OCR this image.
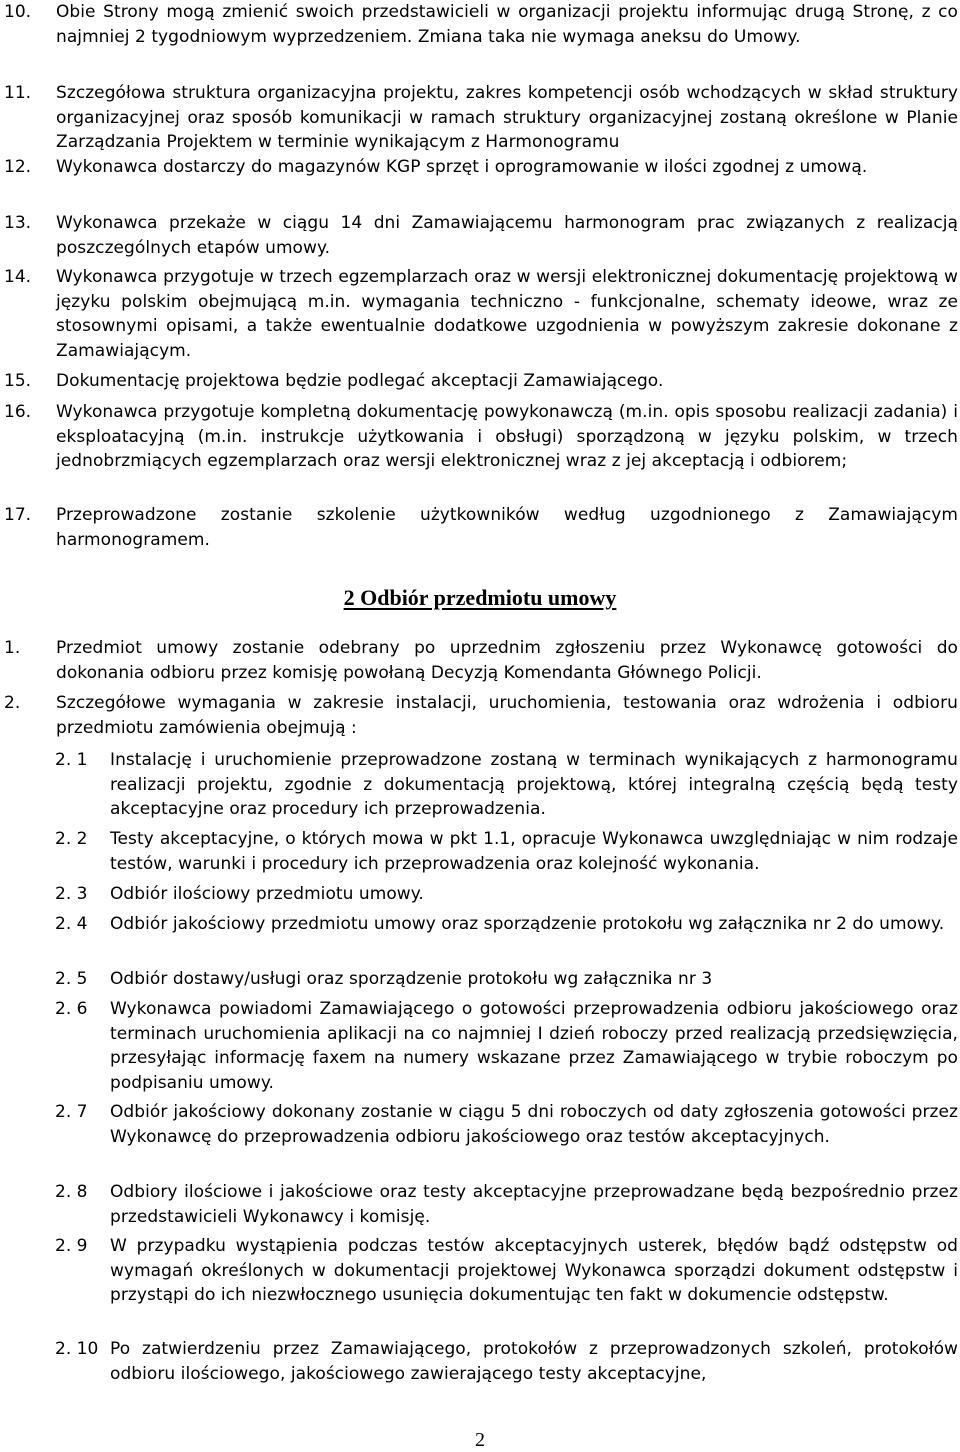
10. Obie Strony mogą zmienić swoich przedstawicieli w organizacji projektu informując drugą Stronę, z co najmniej 2 tygodniowym wyprzedzeniem. Zmiana taka nie wymaga aneksu do Umowy.
11. Szczegółowa struktura organizacyjna projektu, zakres kompetencji osób wchodzących w skład struktury organizacyjnej oraz sposób komunikacji w ramach struktury organizacyjnej zostaną określone w Planie Zarządzania Projektem w terminie wynikającym z Harmonogramu
12. Wykonawca dostarczy do magazynów KGP sprzęt i oprogramowanie w ilości zgodnej z umową.
13. Wykonawca przekaże w ciągu 14 dni Zamawiającemu harmonogram prac związanych z realizacją poszczególnych etapów umowy.
14. Wykonawca przygotuje w trzech egzemplarzach oraz w wersji elektronicznej dokumentację projektową w języku polskim obejmującą m.in. wymagania techniczno - funkcjonalne, schematy ideowe, wraz ze stosownymi opisami, a także ewentualnie dodatkowe uzgodnienia w powyższym zakresie dokonane z Zamawiającym.
15. Dokumentację projektowa będzie podlegać akceptacji Zamawiającego.
16. Wykonawca przygotuje kompletną dokumentację powykonawczą (m.in. opis sposobu realizacji zadania) i eksploatacyjną (m.in. instrukcje użytkowania i obsługi) sporządzoną w języku polskim, w trzech jednobrzmiących egzemplarzach oraz wersji elektronicznej wraz z jej akceptacją i odbiorem;
17. Przeprowadzone zostanie szkolenie użytkowników według uzgodnionego z Zamawiającym harmonogramem.
2 Odbiór przedmiotu umowy
1. Przedmiot umowy zostanie odebrany po uprzednim zgłoszeniu przez Wykonawcę gotowości do dokonania odbioru przez komisję powołaną Decyzją Komendanta Głównego Policji.
2. Szczegółowe wymagania w zakresie instalacji, uruchomienia, testowania oraz wdrożenia i odbioru przedmiotu zamówienia obejmują :
2. 1 Instalację i uruchomienie przeprowadzone zostaną w terminach wynikających z harmonogramu realizacji projektu, zgodnie z dokumentacją projektową, której integralną częścią będą testy akceptacyjne oraz procedury ich przeprowadzenia.
2. 2 Testy akceptacyjne, o których mowa w pkt 1.1, opracuje Wykonawca uwzględniając w nim rodzaje testów, warunki i procedury ich przeprowadzenia oraz kolejność wykonania.
2. 3 Odbiór ilościowy przedmiotu umowy.
2. 4 Odbiór jakościowy przedmiotu umowy oraz sporządzenie protokołu wg załącznika nr 2 do umowy.
2. 5 Odbiór dostawy/usługi oraz sporządzenie protokołu wg załącznika nr 3
2. 6 Wykonawca powiadomi Zamawiającego o gotowości przeprowadzenia odbioru jakościowego oraz terminach uruchomienia aplikacji na co najmniej I dzień roboczy przed realizacją przedsięwzięcia, przesyłając informację faxem na numery wskazane przez Zamawiającego w trybie roboczym po podpisaniu umowy.
2. 7 Odbiór jakościowy dokonany zostanie w ciągu 5 dni roboczych od daty zgłoszenia gotowości przez Wykonawcę do przeprowadzenia odbioru jakościowego oraz testów akceptacyjnych.
2. 8 Odbiory ilościowe i jakościowe oraz testy akceptacyjne przeprowadzane będą bezpośrednio przez przedstawicieli Wykonawcy i komisję.
2. 9 W przypadku wystąpienia podczas testów akceptacyjnych usterek, błędów bądź odstępstw od wymagań określonych w dokumentacji projektowej Wykonawca sporządzi dokument odstępstw i przystąpi do ich niezwłocznego usunięcia dokumentując ten fakt w dokumencie odstępstw.
2. 10 Po zatwierdzeniu przez Zamawiającego, protokołów z przeprowadzonych szkoleń, protokołów odbioru ilościowego, jakościowego zawierającego testy akceptacyjne,
2
